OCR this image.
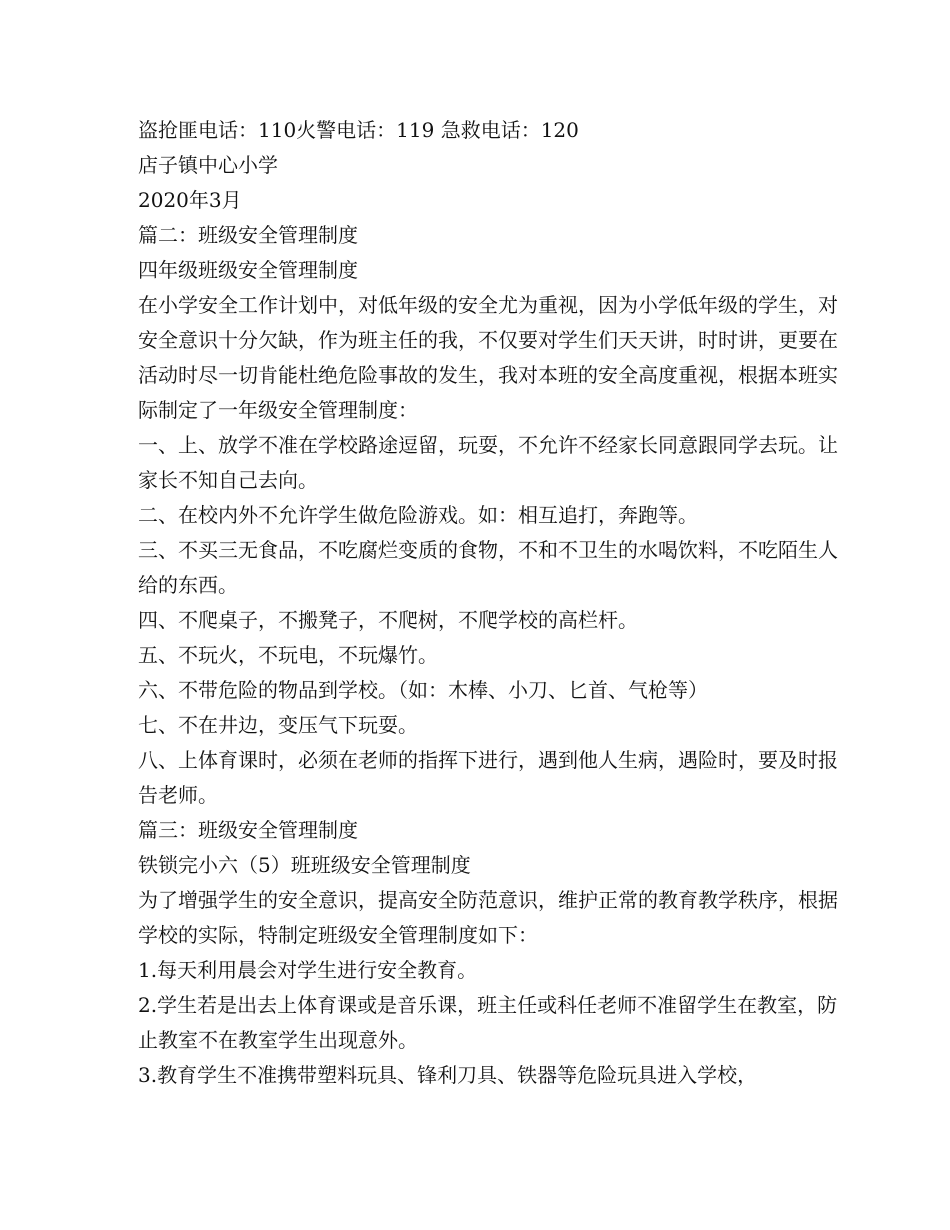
盗抢匪电话：110火警电话：119 急救电话：120

店子镇中心小学

2020年3月

篇二：班级安全管理制度

四年级班级安全管理制度

在小学安全工作计划中，对低年级的安全尤为重视，因为小学低年级的学生，对安全意识十分欠缺，作为班主任的我，不仅要对学生们天天讲，时时讲，更要在活动时尽一切肯能杜绝危险事故的发生，我对本班的安全高度重视，根据本班实际制定了一年级安全管理制度：

一、上、放学不准在学校路途逗留，玩耍，不允许不经家长同意跟同学去玩。让家长不知自己去向。

二、在校内外不允许学生做危险游戏。如：相互追打，奔跑等。

三、不买三无食品，不吃腐烂变质的食物，不和不卫生的水喝饮料，不吃陌生人给的东西。

四、不爬桌子，不搬凳子，不爬树，不爬学校的高栏杆。

五、不玩火，不玩电，不玩爆竹。

六、不带危险的物品到学校。（如：木棒、小刀、匕首、气枪等）

七、不在井边，变压气下玩耍。

八、上体育课时，必须在老师的指挥下进行，遇到他人生病，遇险时，要及时报告老师。

篇三：班级安全管理制度

铁锁完小六（5）班班级安全管理制度

为了增强学生的安全意识，提高安全防范意识，维护正常的教育教学秩序，根据学校的实际，特制定班级安全管理制度如下：

1.每天利用晨会对学生进行安全教育。

2.学生若是出去上体育课或是音乐课，班主任或科任老师不准留学生在教室，防止教室不在教室学生出现意外。

3.教育学生不准携带塑料玩具、锋利刀具、铁器等危险玩具进入学校，
